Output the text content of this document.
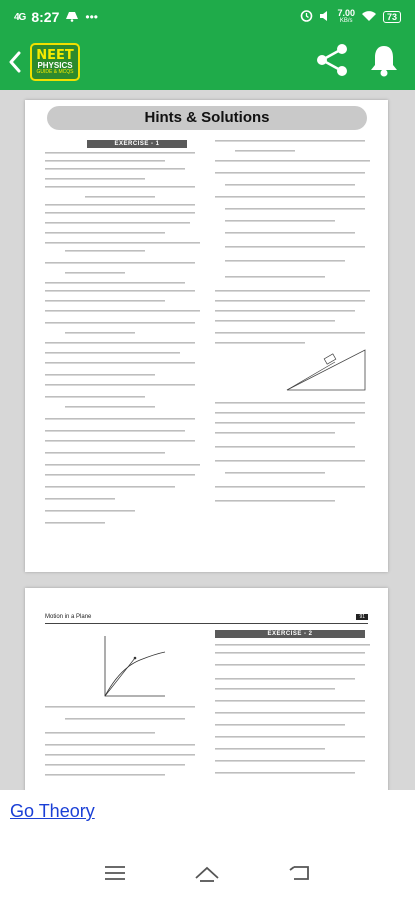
4G 8:27 •••	7.00
KB/s	73
NEET
PHYSICS
GUIDE & MCQS
Hints & Solutions
EXERCISE - 1
Motion in a Plane	91
EXERCISE - 2
Go Theory
